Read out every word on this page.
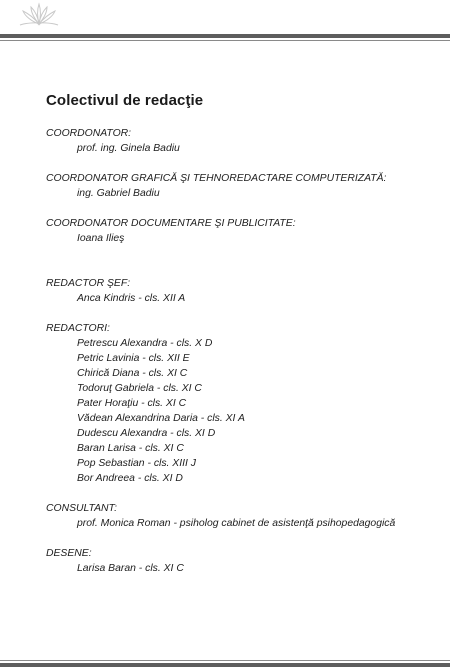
Colectivul de redacţie
COORDONATOR:
prof. ing. Ginela Badiu
COORDONATOR GRAFICĂ ŞI TEHNOREDACTARE COMPUTERIZATĂ:
ing. Gabriel Badiu
COORDONATOR DOCUMENTARE ŞI PUBLICITATE:
Ioana Ilieş
REDACTOR ŞEF:
Anca Kindris - cls. XII A
REDACTORI:
Petrescu Alexandra - cls. X D
Petric Lavinia - cls. XII E
Chirică Diana - cls. XI C
Todoruţ Gabriela - cls. XI C
Pater Horaţiu - cls. XI C
Vădean Alexandrina Daria - cls. XI A
Dudescu Alexandra - cls. XI D
Baran Larisa - cls. XI C
Pop Sebastian - cls. XIII J
Bor Andreea - cls. XI D
CONSULTANT:
prof. Monica Roman - psiholog cabinet de asistenţă psihopedagogică
DESENE:
Larisa Baran - cls. XI C
